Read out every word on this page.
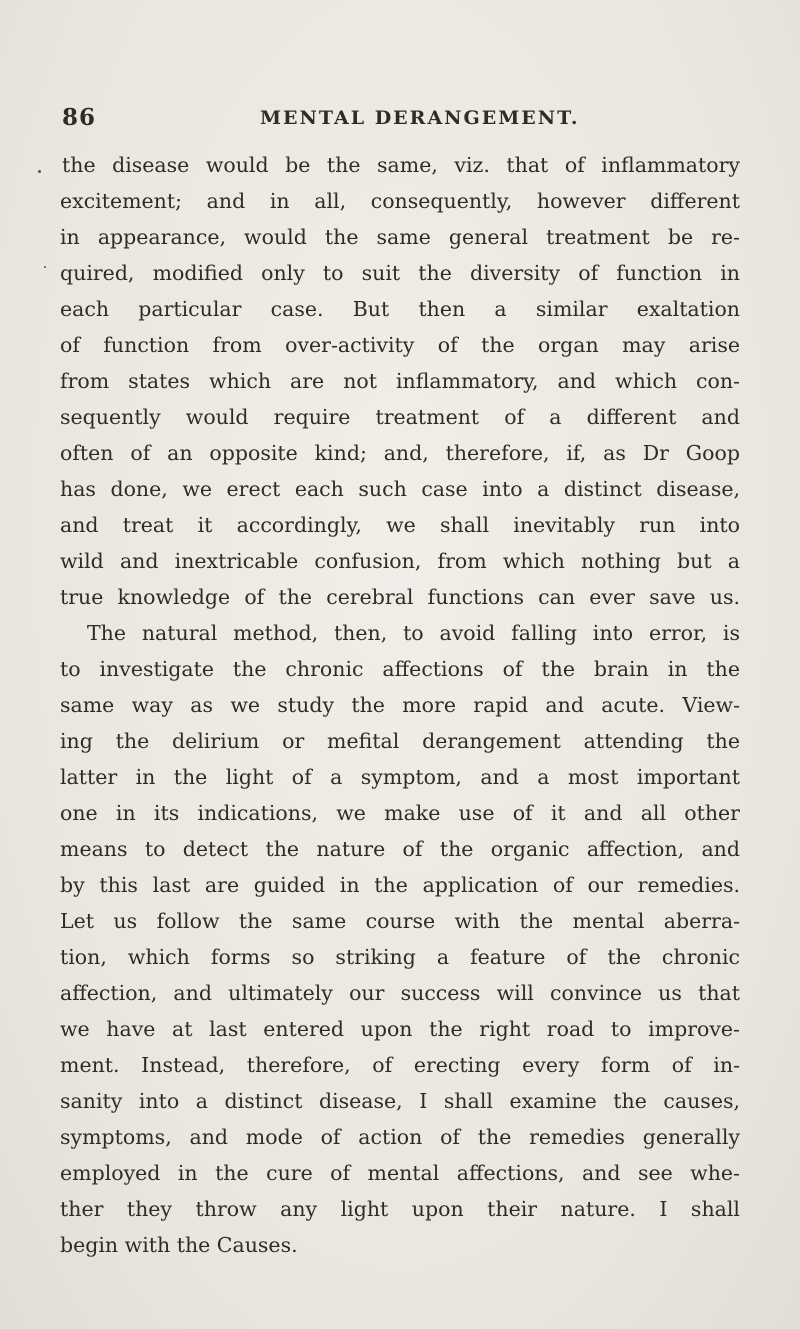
86	MENTAL DERANGEMENT.
the disease would be the same, viz. that of inflammatory
excitement; and in all, consequently, however different
in appearance, would the same general treatment be re-
quired, modified only to suit the diversity of function in
each particular case. But then a similar exaltation
of function from over-activity of the organ may arise
from states which are not inflammatory, and which con-
sequently would require treatment of a different and
often of an opposite kind; and, therefore, if, as Dr Goop
has done, we erect each such case into a distinct disease,
and treat it accordingly, we shall inevitably run into
wild and inextricable confusion, from which nothing but a
true knowledge of the cerebral functions can ever save us.
The natural method, then, to avoid falling into error, is
to investigate the chronic affections of the brain in the
same way as we study the more rapid and acute. View-
ing the delirium or mefital derangement attending the
latter in the light of a symptom, and a most important
one in its indications, we make use of it and all other
means to detect the nature of the organic affection, and
by this last are guided in the application of our remedies.
Let us follow the same course with the mental aberra-
tion, which forms so striking a feature of the chronic
affection, and ultimately our success will convince us that
we have at last entered upon the right road to improve-
ment. Instead, therefore, of erecting every form of in-
sanity into a distinct disease, I shall examine the causes,
symptoms, and mode of action of the remedies generally
employed in the cure of mental affections, and see whe-
ther they throw any light upon their nature. I shall
begin with the Causes.
